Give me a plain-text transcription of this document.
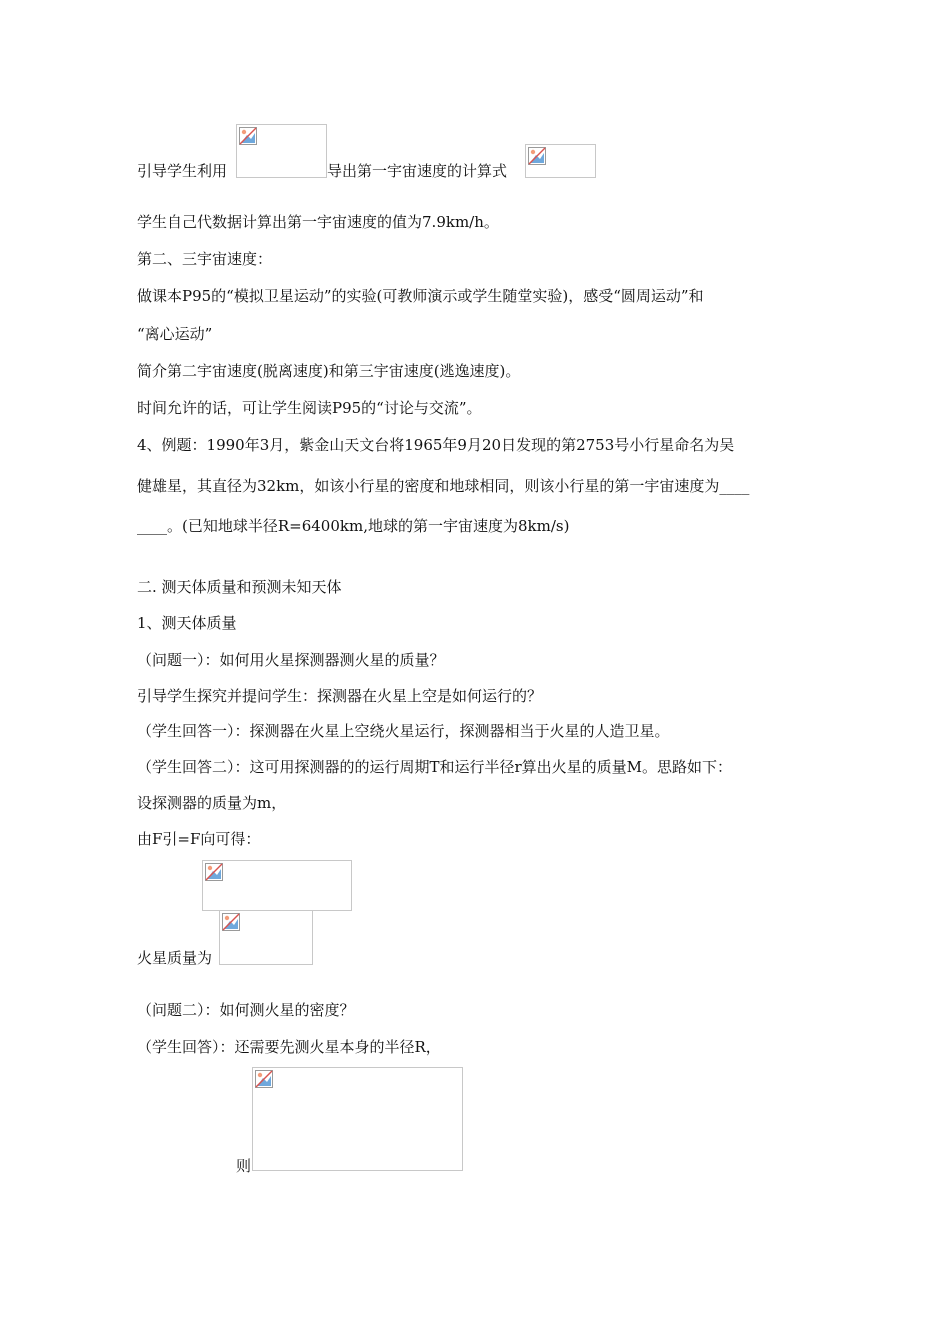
引导学生利用	导出第一宇宙速度的计算式
学生自己代数据计算出第一宇宙速度的值为7.9km/h。
第二、三宇宙速度：
做课本P95的“模拟卫星运动”的实验(可教师演示或学生随堂实验)，感受“圆周运动”和
“离心运动”
简介第二宇宙速度(脱离速度)和第三宇宙速度(逃逸速度)。
时间允许的话，可让学生阅读P95的“讨论与交流”。
4、例题：1990年3月，紫金山天文台将1965年9月20日发现的第2753号小行星命名为吴
健雄星，其直径为32km，如该小行星的密度和地球相同，则该小行星的第一宇宙速度为____
____。(已知地球半径R=6400km,地球的第一宇宙速度为8km/s)
二. 测天体质量和预测未知天体
1、测天体质量
（问题一）：如何用火星探测器测火星的质量？
引导学生探究并提问学生：探测器在火星上空是如何运行的？
（学生回答一）：探测器在火星上空绕火星运行，探测器相当于火星的人造卫星。
（学生回答二）：这可用探测器的的运行周期T和运行半径r算出火星的质量M。思路如下：
设探测器的质量为m，
由F引=F向可得：
火星质量为
（问题二）：如何测火星的密度？
（学生回答）：还需要先测火星本身的半径R，
则
